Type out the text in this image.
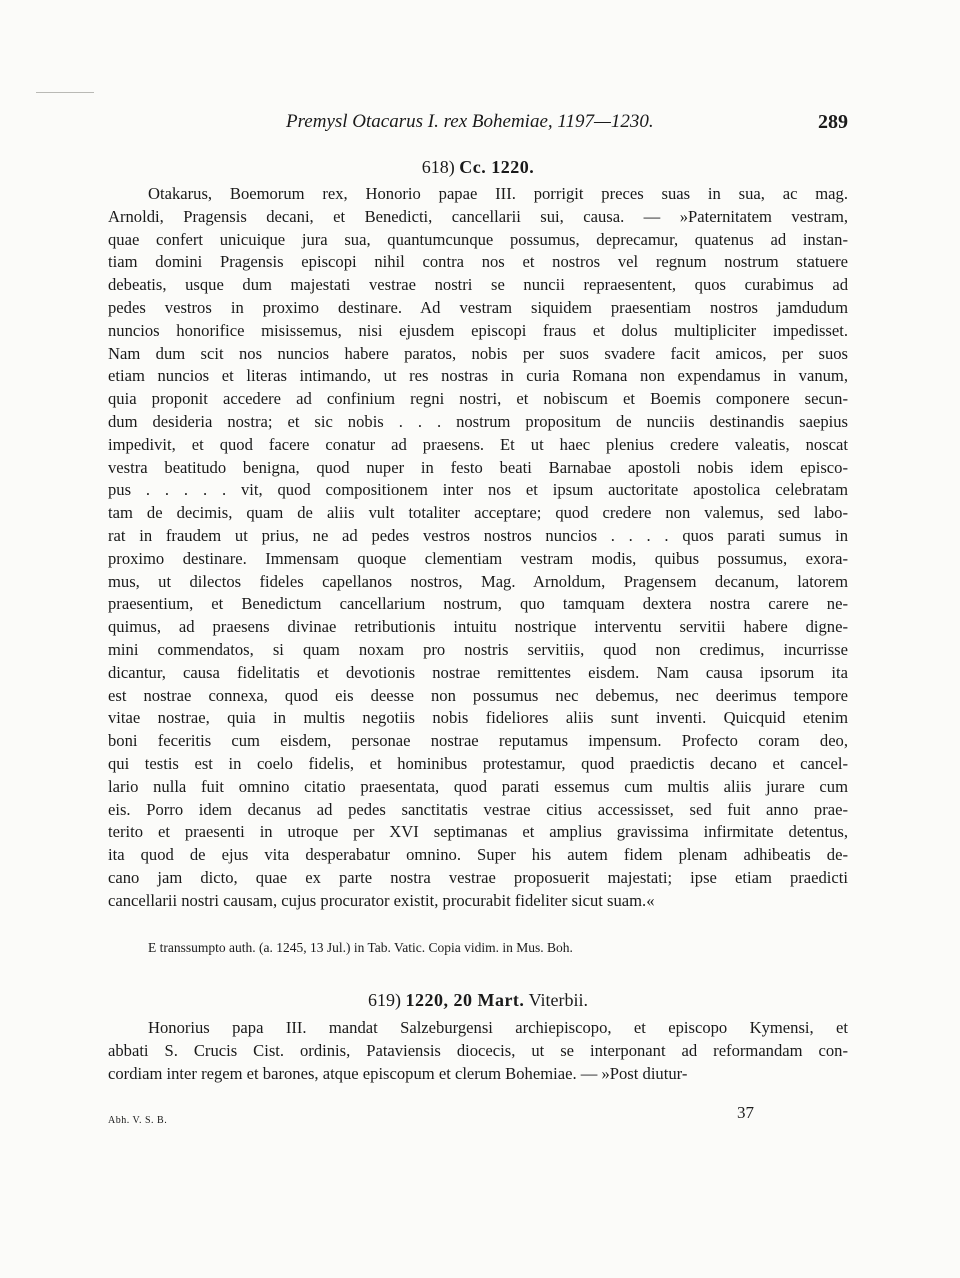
Premysl Otacarus I. rex Bohemiae, 1197—1230.	289
618) Cc. 1220.
Otakarus, Boemorum rex, Honorio papae III. porrigit preces suas in sua, ac mag.
Arnoldi, Pragensis decani, et Benedicti, cancellarii sui, causa. — »Paternitatem vestram,
quae confert unicuique jura sua, quantumcunque possumus, deprecamur, quatenus ad instan-
tiam domini Pragensis episcopi nihil contra nos et nostros vel regnum nostrum statuere
debeatis, usque dum majestati vestrae nostri se nuncii repraesentent, quos curabimus ad
pedes vestros in proximo destinare. Ad vestram siquidem praesentiam nostros jamdudum
nuncios honorifice misissemus, nisi ejusdem episcopi fraus et dolus multipliciter impedisset.
Nam dum scit nos nuncios habere paratos, nobis per suos svadere facit amicos, per suos
etiam nuncios et literas intimando, ut res nostras in curia Romana non expendamus in vanum,
quia proponit accedere ad confinium regni nostri, et nobiscum et Boemis componere secun-
dum desideria nostra; et sic nobis . . . nostrum propositum de nunciis destinandis saepius
impedivit, et quod facere conatur ad praesens. Et ut haec plenius credere valeatis, noscat
vestra beatitudo benigna, quod nuper in festo beati Barnabae apostoli nobis idem episco-
pus . . . . . vit, quod compositionem inter nos et ipsum auctoritate apostolica celebratam
tam de decimis, quam de aliis vult totaliter acceptare; quod credere non valemus, sed labo-
rat in fraudem ut prius, ne ad pedes vestros nostros nuncios . . . . quos parati sumus in
proximo destinare. Immensam quoque clementiam vestram modis, quibus possumus, exora-
mus, ut dilectos fideles capellanos nostros, Mag. Arnoldum, Pragensem decanum, latorem
praesentium, et Benedictum cancellarium nostrum, quo tamquam dextera nostra carere ne-
quimus, ad praesens divinae retributionis intuitu nostrique interventu servitii habere digne-
mini commendatos, si quam noxam pro nostris servitiis, quod non credimus, incurrisse
dicantur, causa fidelitatis et devotionis nostrae remittentes eisdem. Nam causa ipsorum ita
est nostrae connexa, quod eis deesse non possumus nec debemus, nec deerimus tempore
vitae nostrae, quia in multis negotiis nobis fideliores aliis sunt inventi. Quicquid etenim
boni feceritis cum eisdem, personae nostrae reputamus impensum. Profecto coram deo,
qui testis est in coelo fidelis, et hominibus protestamur, quod praedictis decano et cancel-
lario nulla fuit omnino citatio praesentata, quod parati essemus cum multis aliis jurare cum
eis. Porro idem decanus ad pedes sanctitatis vestrae citius accessisset, sed fuit anno prae-
terito et praesenti in utroque per XVI septimanas et amplius gravissima infirmitate detentus,
ita quod de ejus vita desperabatur omnino. Super his autem fidem plenam adhibeatis de-
cano jam dicto, quae ex parte nostra vestrae proposuerit majestati; ipse etiam praedicti
cancellarii nostri causam, cujus procurator existit, procurabit fideliter sicut suam.«
E transsumpto auth. (a. 1245, 13 Jul.) in Tab. Vatic. Copia vidim. in Mus. Boh.
619) 1220, 20 Mart. Viterbii.
Honorius papa III. mandat Salzeburgensi archiepiscopo, et episcopo Kymensi, et
abbati S. Crucis Cist. ordinis, Pataviensis diocecis, ut se interponant ad reformandam con-
cordiam inter regem et barones, atque episcopum et clerum Bohemiae. — »Post diutur-
Abh. V. S. B.	37
